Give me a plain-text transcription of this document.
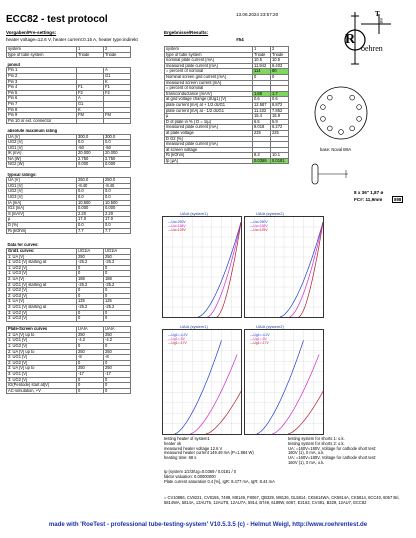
ECC82 - test protocol	13.06.2024 23:57:20
Vorgaben/Pre-settings:
heater voltage=12.6 V, heater current:0.15 A, heater type:indirekt
Ergebnisse/Results:
#54
T
est
R
oehren
system	1	2
type of tube system	Triode	Triode

pinout		
Pin 1		A
Pin 2		G1
Pin 3		K
Pin 4	F1	F1
Pin 5	F2	F2
Pin 6	A	
Pin 7	G1	
Pin 8	K	
Pin 9	FM	FM
Pin 10 or ext. connector		

absolute maximum rating		
UA [V]	300.0	300.0
UG2 [V]	0.0	0.0
UG1 [V]	-50	-50
IK [mA]	20.000	20.000
NA [W]	2.750	2.750
NG2 [W]	0.000	0.000

typical ratings:		
UA [V]	250.0	250.0
UG1 [V]	-8.40	-8.40
UG2 [V]	0.0	0.0
UG3 [V]	0.0	0.0
IA [mA]	10.500	10.500
IG2 [mA]	0.000	0.000
S [mA/V]	2.20	2.20
µ	17.0	17.0
D [%]	0.0	0.0
Ri [kOhm]	7.7	7.7

Data for curves:		
Grid1 curves:	UG1IA	UG1IA
1: UA [V]	250	250
1: UG1 [V] starting at	-25.2	-25.2
1: UG2 [V]	0	0
1: UG3 [V]	0	0
2: UA [V]	188	188
2: UG1 [V] starting at	-25.2	-25.2
2: UG2 [V]	0	0
2: UG3 [V]	0	0
3: UA [V]	125	125
3: UG1 [V] starting at	-25.2	-25.2
3: UG2 [V]	0	0
3: UG3 [V]	0	0

Plate-Screen curves	UAIA	UAIA
1: UA [V] up to	250	250
1: UG1 [V]	-4.2	-4.2
1: UG2 [V]	0	0
2: UA [V] up to	250	250
2: UG1 [V]	-8	-8
2: UG2 [V]	0	0
3: UA [V] up to	250	250
3: UG1 [V]	-17	-17
3: UG2 [V]	0	0
IG(Pentode) start at[V]	0	0
AC-simulation, +V	0	0
system	1	2
type of tube system	Triode	Triode
nominal plate current [mA]	10.5	10.5
measured plate current [mA]	11.942	8.402
= percent of nominal	114	80
Nominal screen grid current [mA]	0	0
measured screen current [mA]		
= percent of nominal		
transconductance [mA/V]	1.88	1.7
at grid voltage change (dUg1) [V]	0.6	0.6
plate current [mA] at + 1/2 dUG1	12.587	8.872
plate current [mA] at - 1/2 dUG1	11.432	7.852
µ	15.4	16.9
D of plate in % ( D = 1/µ)	6.5	5.9
measured plate current [mA]	9.018	6.272
at plate voltage	225	225
D G2 [%]		
measured plate current [mA]		
at screen voltage		
Ri [kOhm]	8.3	10.1
tp [µA]	0.0369	0.0181
base: Noval B9A
8 x 36" 1,87 ø
FC#: 11,9mm	898
UAIA (system1)
—Ua=250V
—Ua=188V
—Ua=125V
UAIA (system2)
—Ua=250V
—Ua=188V
—Ua=125V
UAIA (system1)
—Ug1=-4.2V
—Ug1=-8V
—Ug1=-17V
UAIA (system2)
—Ug1=-4.2V
—Ug1=-8V
—Ug1=-17V
testing heater of system1
heater ok
measured heater voltage 12.6 V
measured heater current 149.49 mA (P=1.884 W)
heating time: 68 s
testing system for shorts 1: o.k.
testing system for shorts 2: o.k.
UA: =160V=180V, Voltage for cathode short test:
160V (1), 0 mA, o.k.
UA: =160V=180V, Voltage for cathode short test:
160V (1), 0 mA, o.k.
Ip (system 1/2/3/Ug=0.0369 / 0.0181 / 0
faktor valuation: 0.00000000
Plate current saturation 0.4 [%], IgR: 8.477 mA, IgR: 8.44 mA
= CV10886, CV8221, CV8155, 7489, M8149, F8067, QB329, M8136, GL5814, CK5814WA, CK5814A, CK5814, 6CC40, 6067 Bri, 5814WA, 5814A, 12AUT5, 12AUT8, 12AU7A, 5814, B749, 6189W, 6067, E2163, CV491, B329, 12AU7, ECC82
made with 'RoeTest - professional tube-testing-system' V10.5.3.5 (c) - Helmut Weigl, http://www.roehrentest.de
